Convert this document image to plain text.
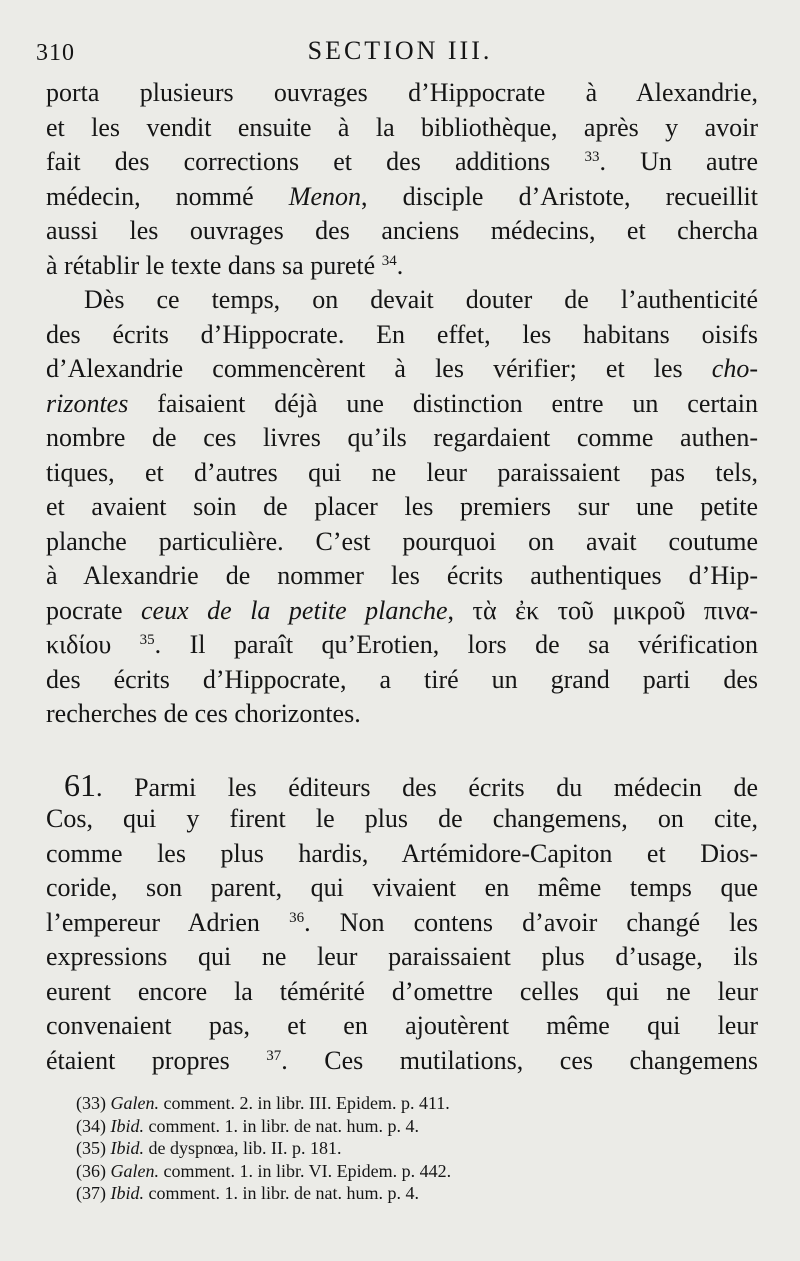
310	SECTION III.
porta plusieurs ouvrages d’Hippocrate à Alexandrie,
et les vendit ensuite à la bibliothèque, après y avoir
fait des corrections et des additions $^{33}$. Un autre
médecin, nommé Menon, disciple d’Aristote, recueillit
aussi les ouvrages des anciens médecins, et chercha
à rétablir le texte dans sa pureté $^{34}$.
Dès ce temps, on devait douter de l’authenticité
des écrits d’Hippocrate. En effet, les habitans oisifs
d’Alexandrie commencèrent à les vérifier; et les cho-
rizontes faisaient déjà une distinction entre un certain
nombre de ces livres qu’ils regardaient comme authen-
tiques, et d’autres qui ne leur paraissaient pas tels,
et avaient soin de placer les premiers sur une petite
planche particulière. C’est pourquoi on avait coutume
à Alexandrie de nommer les écrits authentiques d’Hip-
pocrate ceux de la petite planche, τὰ ἐκ τοῦ μικροῦ πινα-
κιδίου $^{35}$. Il paraît qu’Erotien, lors de sa vérification
des écrits d’Hippocrate, a tiré un grand parti des
recherches de ces chorizontes.
61. Parmi les éditeurs des écrits du médecin de
Cos, qui y firent le plus de changemens, on cite,
comme les plus hardis, Artémidore-Capiton et Dios-
coride, son parent, qui vivaient en même temps que
l’empereur Adrien $^{36}$. Non contens d’avoir changé les
expressions qui ne leur paraissaient plus d’usage, ils
eurent encore la témérité d’omettre celles qui ne leur
convenaient pas, et en ajoutèrent même qui leur
étaient propres $^{37}$. Ces mutilations, ces changemens
(33) Galen. comment. 2. in libr. III. Epidem. p. 411.
(34) Ibid. comment. 1. in libr. de nat. hum. p. 4.
(35) Ibid. de dyspnœa, lib. II. p. 181.
(36) Galen. comment. 1. in libr. VI. Epidem. p. 442.
(37) Ibid. comment. 1. in libr. de nat. hum. p. 4.
